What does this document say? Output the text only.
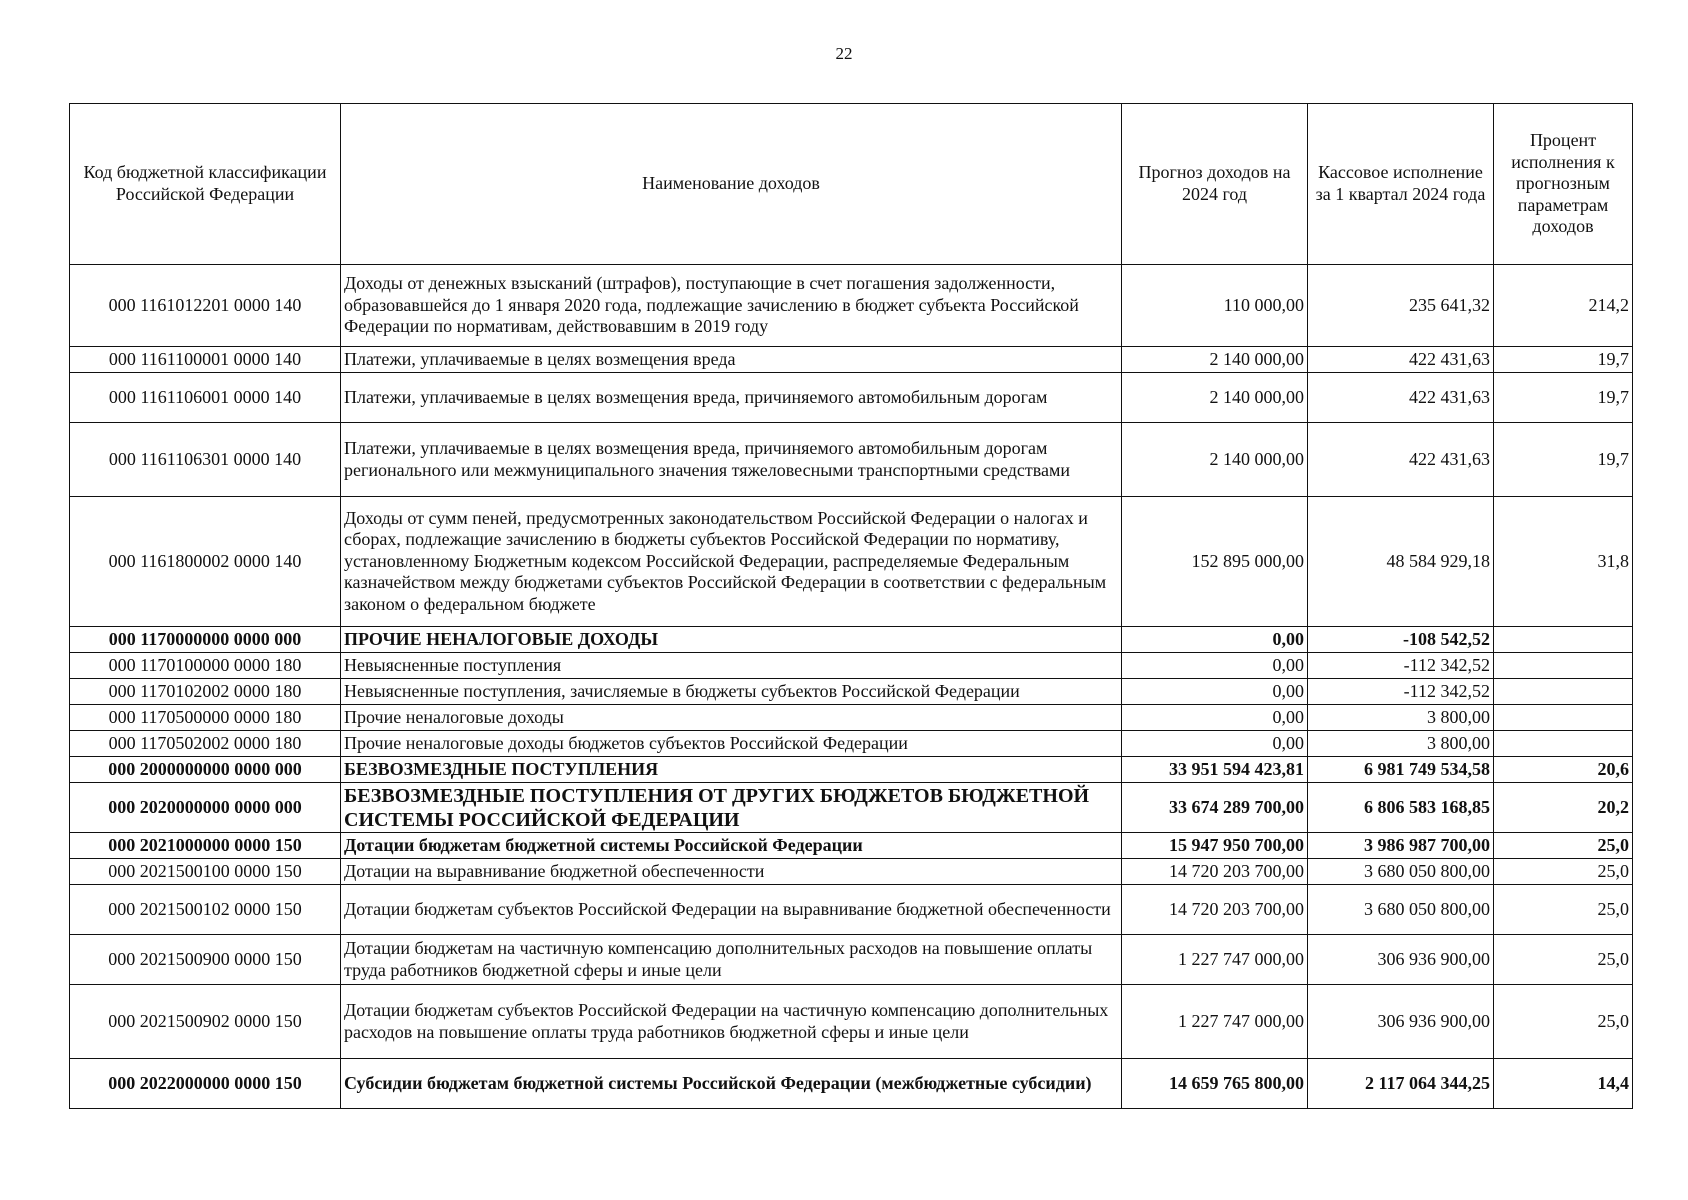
22
Код бюджетной классификации Российской Федерации	Наименование доходов	Прогноз доходов на 2024 год	Кассовое исполнение за 1 квартал 2024 года	Процент исполнения к прогнозным параметрам доходов
000 1161012201 0000 140	Доходы от денежных взысканий (штрафов), поступающие в счет погашения задолженности, образовавшейся до 1 января 2020 года, подлежащие зачислению в бюджет субъекта Российской Федерации по нормативам, действовавшим в 2019 году	110 000,00	235 641,32	214,2
000 1161100001 0000 140	Платежи, уплачиваемые в целях возмещения вреда	2 140 000,00	422 431,63	19,7
000 1161106001 0000 140	Платежи, уплачиваемые в целях возмещения вреда, причиняемого автомобильным дорогам	2 140 000,00	422 431,63	19,7
000 1161106301 0000 140	Платежи, уплачиваемые в целях возмещения вреда, причиняемого автомобильным дорогам регионального или межмуниципального значения тяжеловесными транспортными средствами	2 140 000,00	422 431,63	19,7
000 1161800002 0000 140	Доходы от сумм пеней, предусмотренных законодательством Российской Федерации о налогах и сборах, подлежащие зачислению в бюджеты субъектов Российской Федерации по нормативу, установленному Бюджетным кодексом Российской Федерации, распределяемые Федеральным казначейством между бюджетами субъектов Российской Федерации в соответствии с федеральным законом о федеральном бюджете	152 895 000,00	48 584 929,18	31,8
000 1170000000 0000 000	ПРОЧИЕ НЕНАЛОГОВЫЕ ДОХОДЫ	0,00	-108 542,52	
000 1170100000 0000 180	Невыясненные поступления	0,00	-112 342,52	
000 1170102002 0000 180	Невыясненные поступления, зачисляемые в бюджеты субъектов Российской Федерации	0,00	-112 342,52	
000 1170500000 0000 180	Прочие неналоговые доходы	0,00	3 800,00	
000 1170502002 0000 180	Прочие неналоговые доходы бюджетов субъектов Российской Федерации	0,00	3 800,00	
000 2000000000 0000 000	БЕЗВОЗМЕЗДНЫЕ ПОСТУПЛЕНИЯ	33 951 594 423,81	6 981 749 534,58	20,6
000 2020000000 0000 000	БЕЗВОЗМЕЗДНЫЕ ПОСТУПЛЕНИЯ ОТ ДРУГИХ БЮДЖЕТОВ БЮДЖЕТНОЙ СИСТЕМЫ РОССИЙСКОЙ ФЕДЕРАЦИИ	33 674 289 700,00	6 806 583 168,85	20,2
000 2021000000 0000 150	Дотации бюджетам бюджетной системы Российской Федерации	15 947 950 700,00	3 986 987 700,00	25,0
000 2021500100 0000 150	Дотации на выравнивание бюджетной обеспеченности	14 720 203 700,00	3 680 050 800,00	25,0
000 2021500102 0000 150	Дотации бюджетам субъектов Российской Федерации на выравнивание бюджетной обеспеченности	14 720 203 700,00	3 680 050 800,00	25,0
000 2021500900 0000 150	Дотации бюджетам на частичную компенсацию дополнительных расходов на повышение оплаты труда работников бюджетной сферы и иные цели	1 227 747 000,00	306 936 900,00	25,0
000 2021500902 0000 150	Дотации бюджетам субъектов Российской Федерации на частичную компенсацию дополнительных расходов на повышение оплаты труда работников бюджетной сферы и иные цели	1 227 747 000,00	306 936 900,00	25,0
000 2022000000 0000 150	Субсидии бюджетам бюджетной системы Российской Федерации (межбюджетные субсидии)	14 659 765 800,00	2 117 064 344,25	14,4
